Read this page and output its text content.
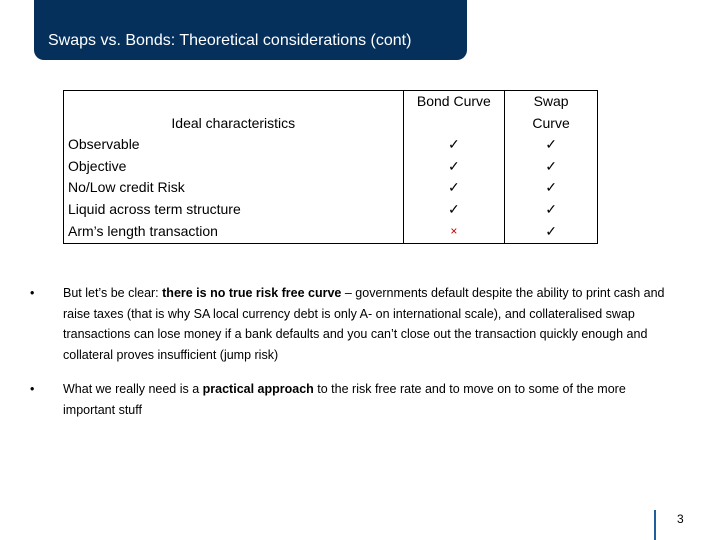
Swaps vs. Bonds: Theoretical considerations (cont)
	Bond Curve	Swap
Ideal characteristics		Curve
Observable	✓	✓
Objective	✓	✓
No/Low credit Risk	✓	✓
Liquid across term structure	✓	✓
Arm’s length transaction	×	✓
• But let’s be clear: there is no true risk free curve – governments default despite the ability to print cash and raise taxes (that is why SA local currency debt is only A- on international scale), and collateralised swap transactions can lose money if a bank defaults and you can’t close out the transaction quickly enough and collateral proves insufficient (jump risk)
• What we really need is a practical approach to the risk free rate and to move on to some of the more important stuff
3
